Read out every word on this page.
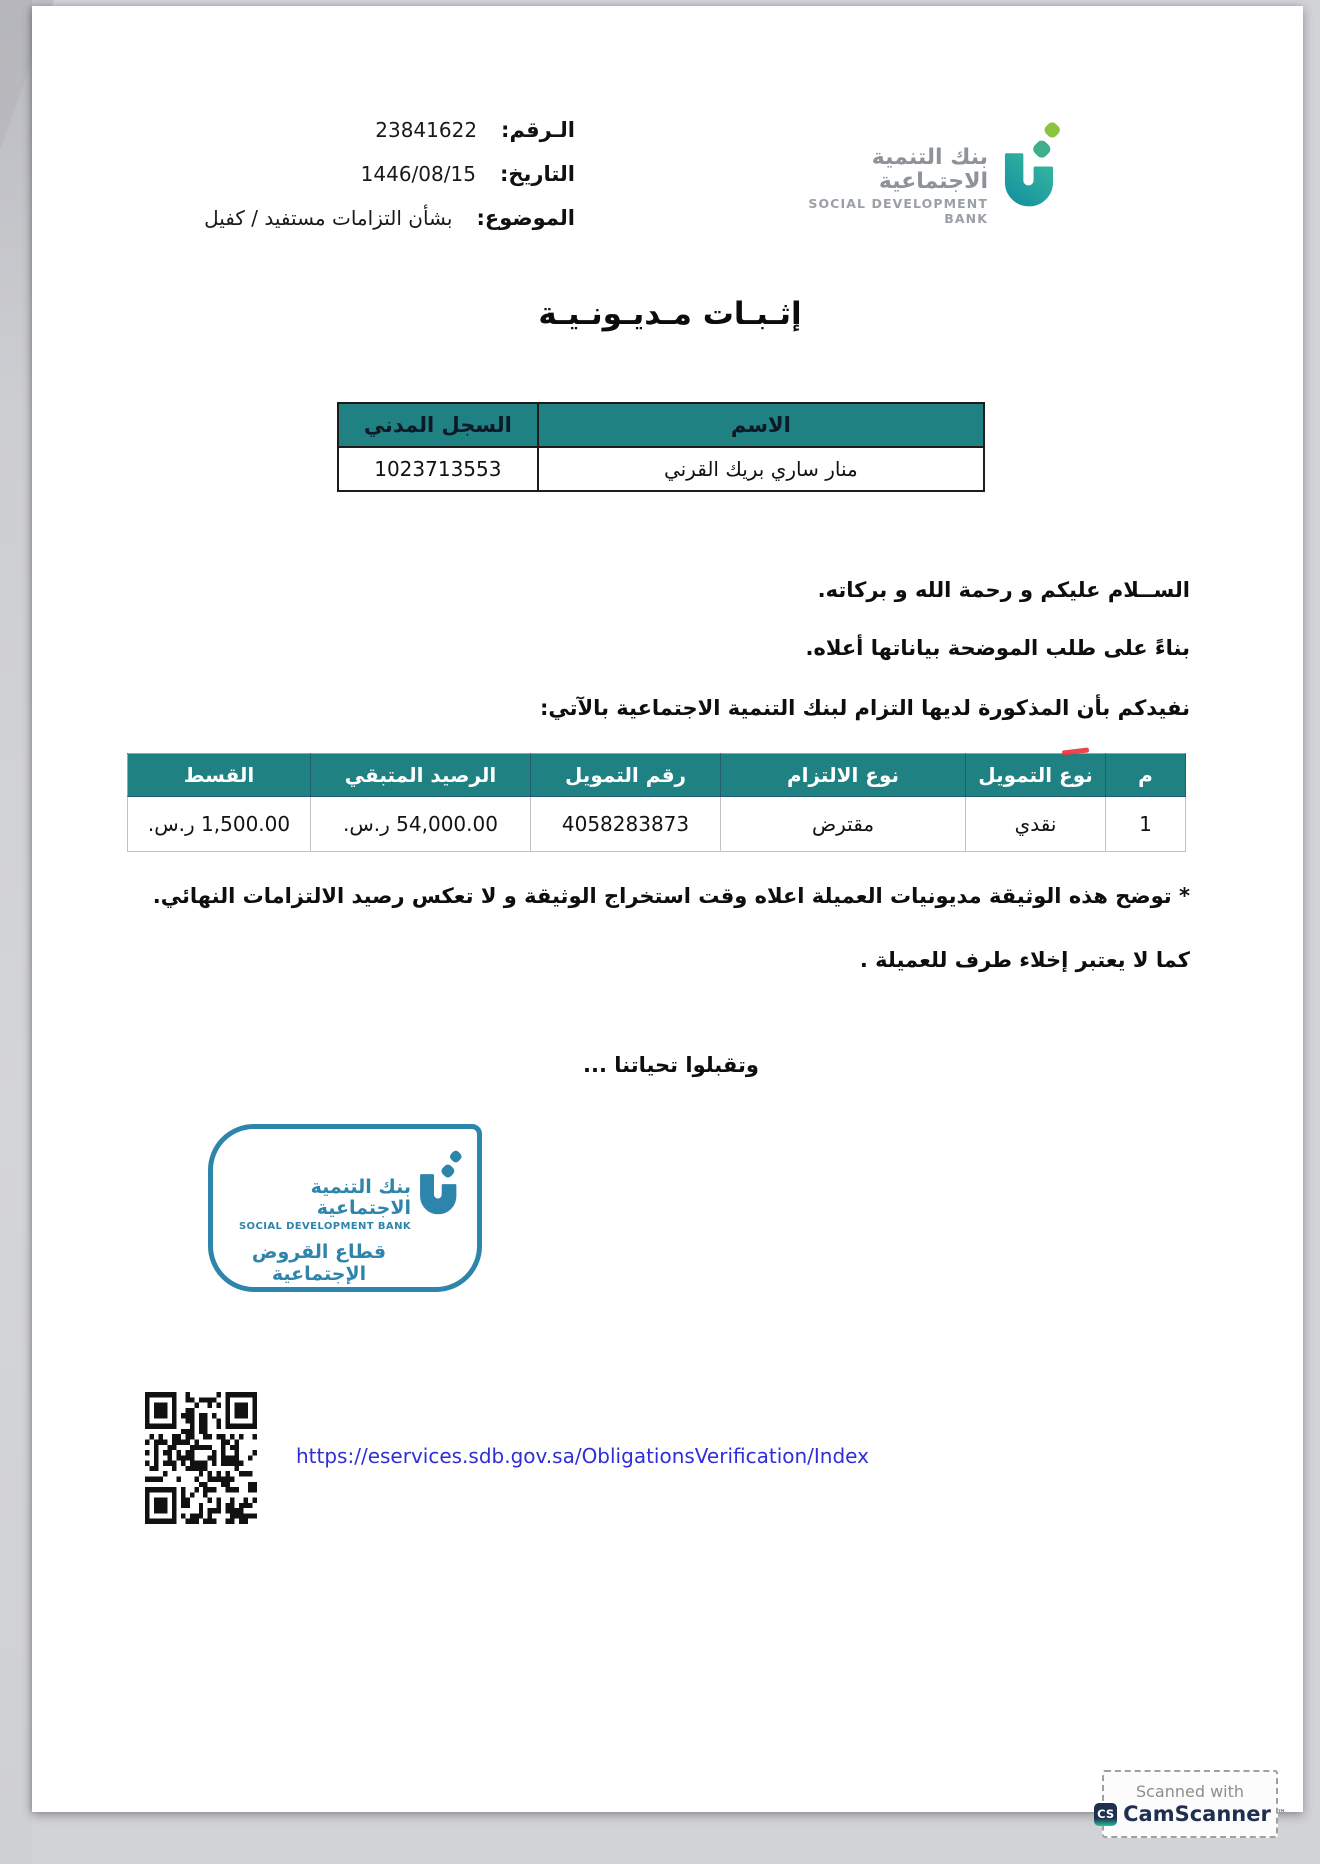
الـرقم:
23841622
التاريخ:
1446/08/15
الموضوع:
بشأن التزامات مستفيد / كفيل
بنك التنمية الاجتماعية
SOCIAL DEVELOPMENT BANK
إثـبـات مـديـونـيـة
الاسم	السجل المدني
منار ساري بريك القرني	1023713553
الســلام عليكم و رحمة الله و بركاته.
بناءً على طلب الموضحة بياناتها أعلاه.
نفيدكم بأن المذكورة لديها التزام لبنك التنمية الاجتماعية بالآتي:
م	نوع التمويل	نوع الالتزام	رقم التمويل	الرصيد المتبقي	القسط
1	نقدي	مقترض	4058283873	54,000.00 ر.س.	1,500.00 ر.س.
* توضح هذه الوثيقة مديونيات العميلة اعلاه وقت استخراج الوثيقة و لا تعكس رصيد الالتزامات النهائي.
كما لا يعتبر إخلاء طرف للعميلة .
وتقبلوا تحياتنا ...
بنك التنمية الاجتماعية
SOCIAL DEVELOPMENT BANK
قطاع القروض الإجتماعية
https://eservices.sdb.gov.sa/ObligationsVerification/Index
Scanned with
CS CamScanner ™
